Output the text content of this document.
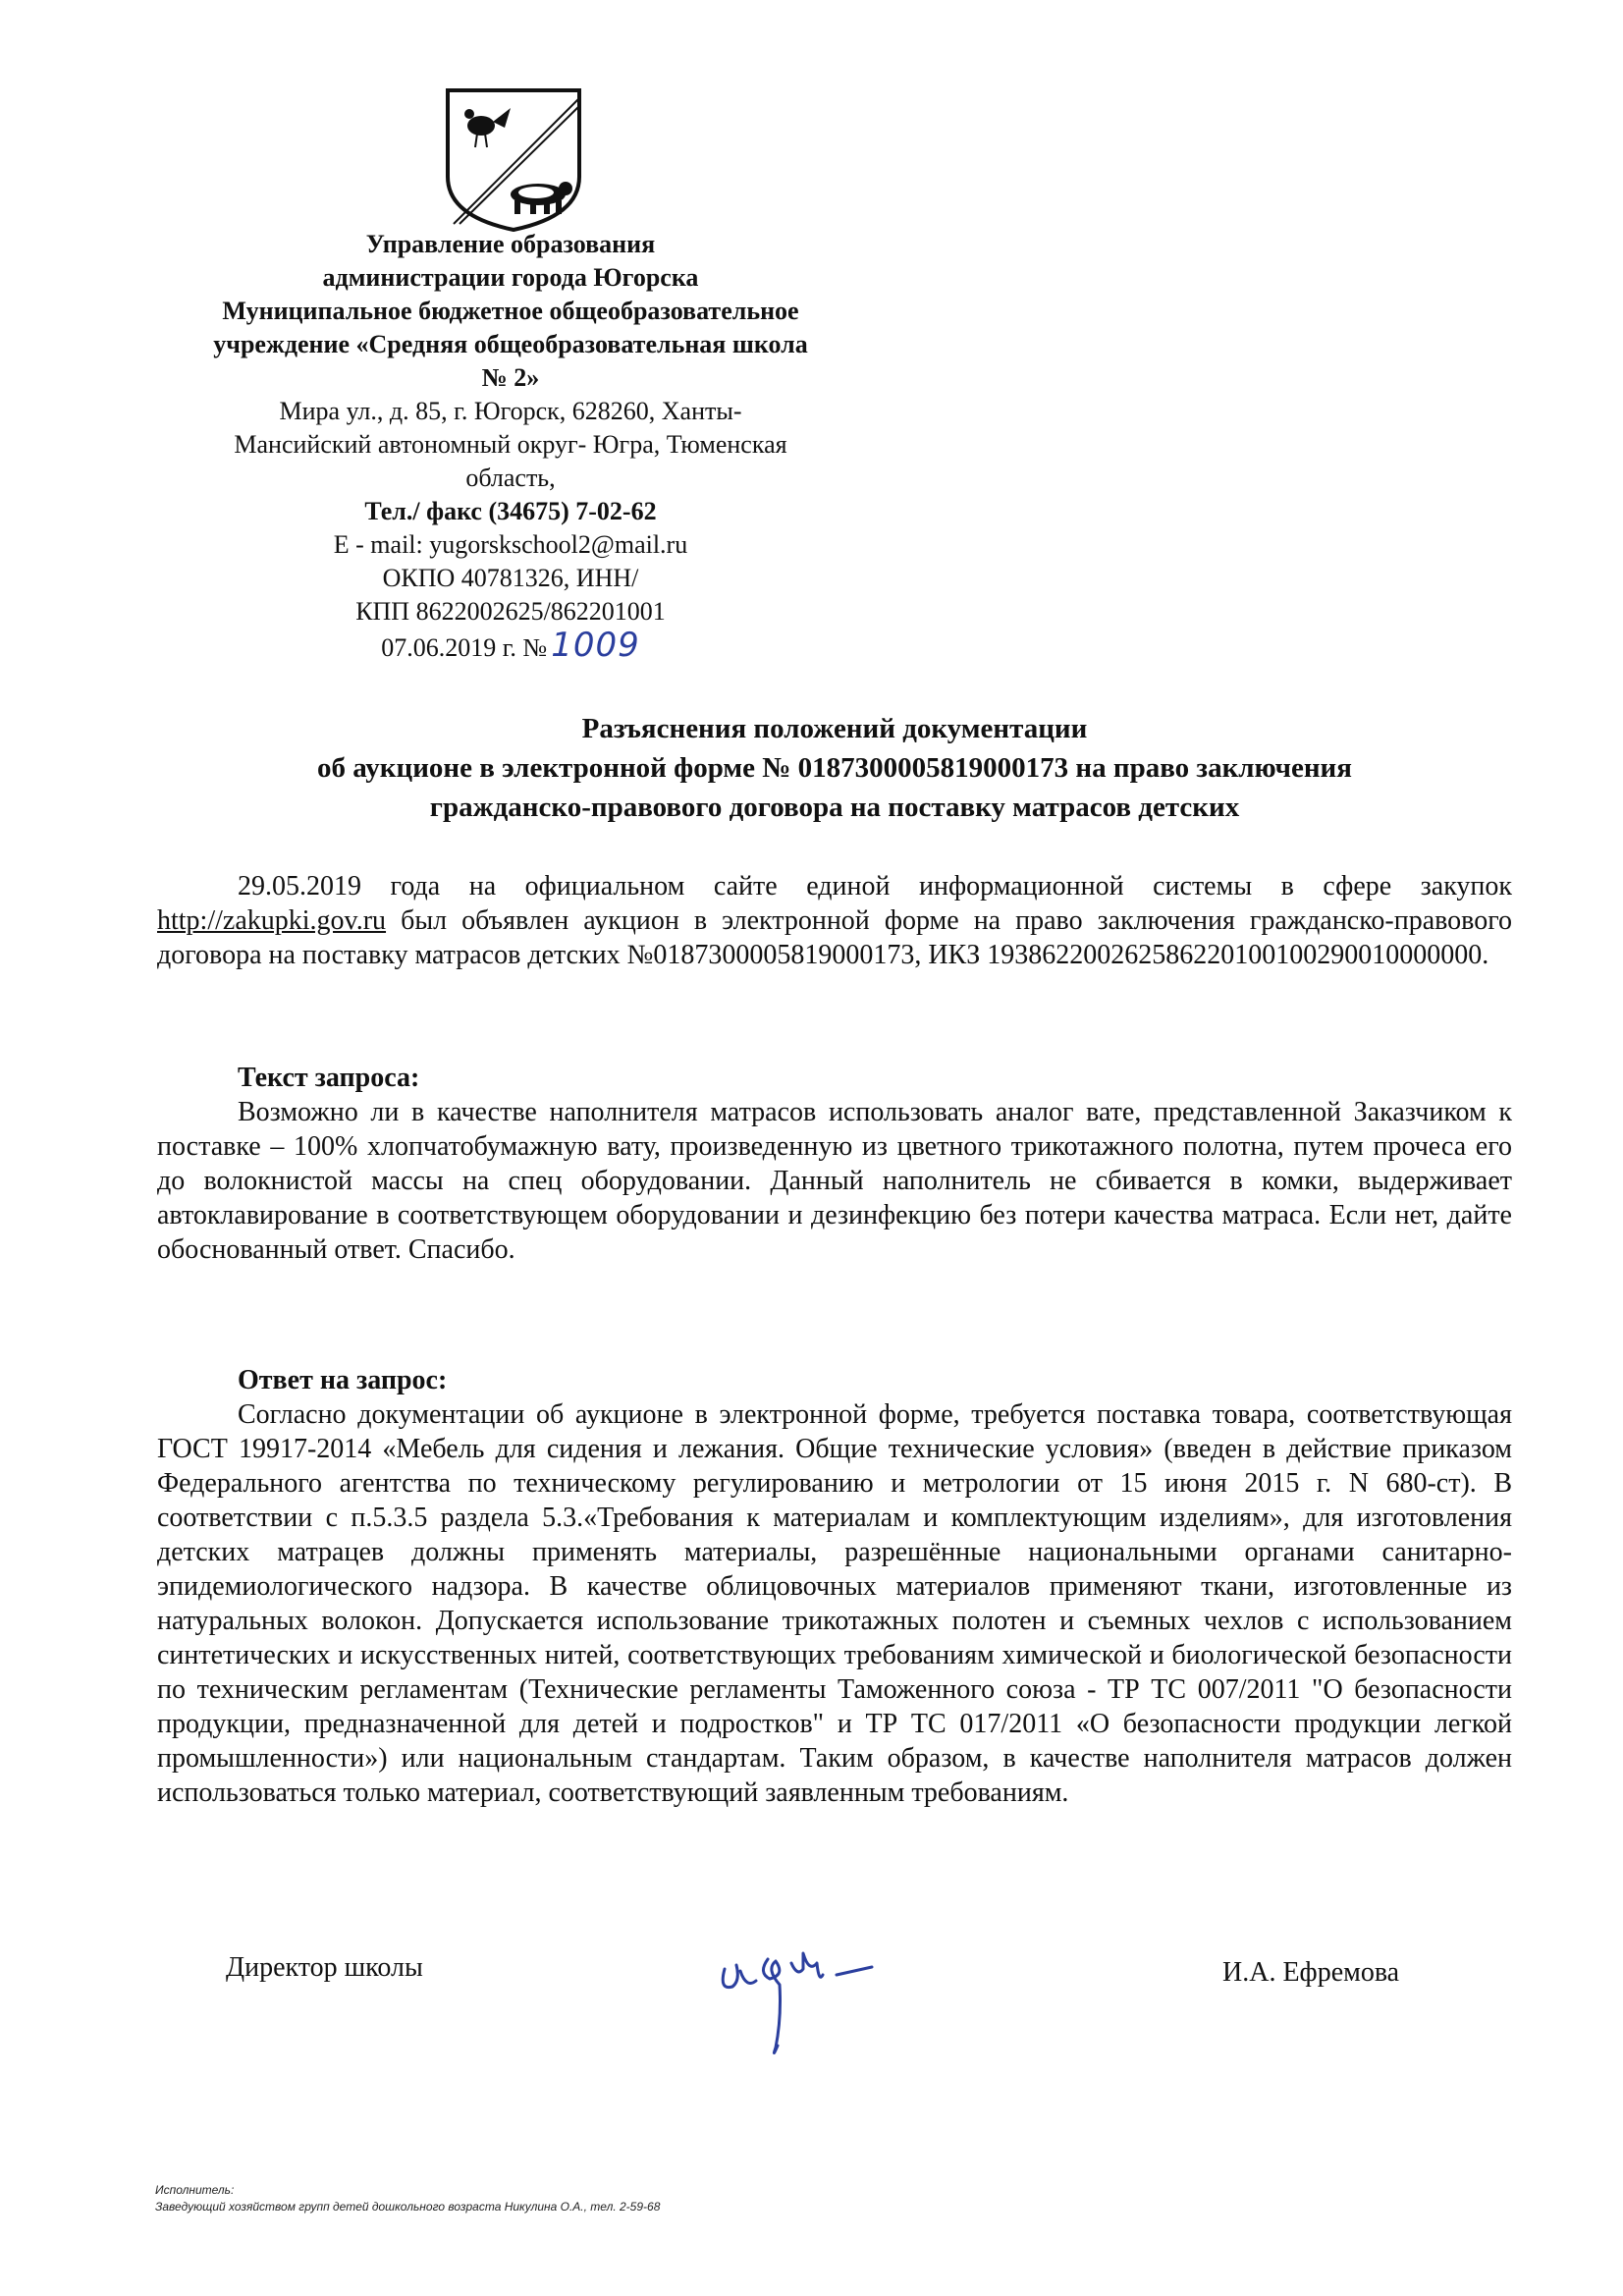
Управление образования
администрации города Югорска
Муниципальное бюджетное общеобразовательное
учреждение «Средняя общеобразовательная школа
№ 2»
Мира ул., д. 85, г. Югорск, 628260, Ханты-
Мансийский автономный округ- Югра, Тюменская
область,
Тел./ факс (34675) 7-02-62
Е - mail: yugorskschool2@mail.ru
ОКПО 40781326, ИНН/
КПП 8622002625/862201001
07.06.2019 г. № 1009
Разъяснения положений документации
об аукционе в электронной форме № 0187300005819000173 на право заключения
гражданско-правового договора на поставку матрасов детских
29.05.2019 года на официальном сайте единой информационной системы в сфере закупок http://zakupki.gov.ru был объявлен аукцион в электронной форме на право заключения гражданско-правового договора на поставку матрасов детских №0187300005819000173, ИКЗ 193862200262586220100100290010000000.
Текст запроса:
Возможно ли в качестве наполнителя матрасов использовать аналог вате, представленной Заказчиком к поставке – 100% хлопчатобумажную вату, произведенную из цветного трикотажного полотна, путем прочеса его до волокнистой массы на спец оборудовании. Данный наполнитель не сбивается в комки, выдерживает автоклавирование в соответствующем оборудовании и дезинфекцию без потери качества матраса. Если нет, дайте обоснованный ответ. Спасибо.
Ответ на запрос:
Согласно документации об аукционе в электронной форме, требуется поставка товара, соответствующая ГОСТ 19917-2014 «Мебель для сидения и лежания. Общие технические условия» (введен в действие приказом Федерального агентства по техническому регулированию и метрологии от 15 июня 2015 г. N 680-ст). В соответствии с п.5.3.5 раздела 5.3.«Требования к материалам и комплектующим изделиям», для изготовления детских матрацев должны применять материалы, разрешённые национальными органами санитарно-эпидемиологического надзора. В качестве облицовочных материалов применяют ткани, изготовленные из натуральных волокон. Допускается использование трикотажных полотен и съемных чехлов с использованием синтетических и искусственных нитей, соответствующих требованиям химической и биологической безопасности по техническим регламентам (Технические регламенты Таможенного союза - ТР ТС 007/2011 "О безопасности продукции, предназначенной для детей и подростков" и ТР ТС 017/2011 «О безопасности продукции легкой промышленности») или национальным стандартам. Таким образом, в качестве наполнителя матрасов должен использоваться только материал, соответствующий заявленным требованиям.
Директор школы	И.А. Ефремова
Исполнитель:
Заведующий хозяйством групп детей дошкольного возраста Никулина О.А., тел. 2-59-68
